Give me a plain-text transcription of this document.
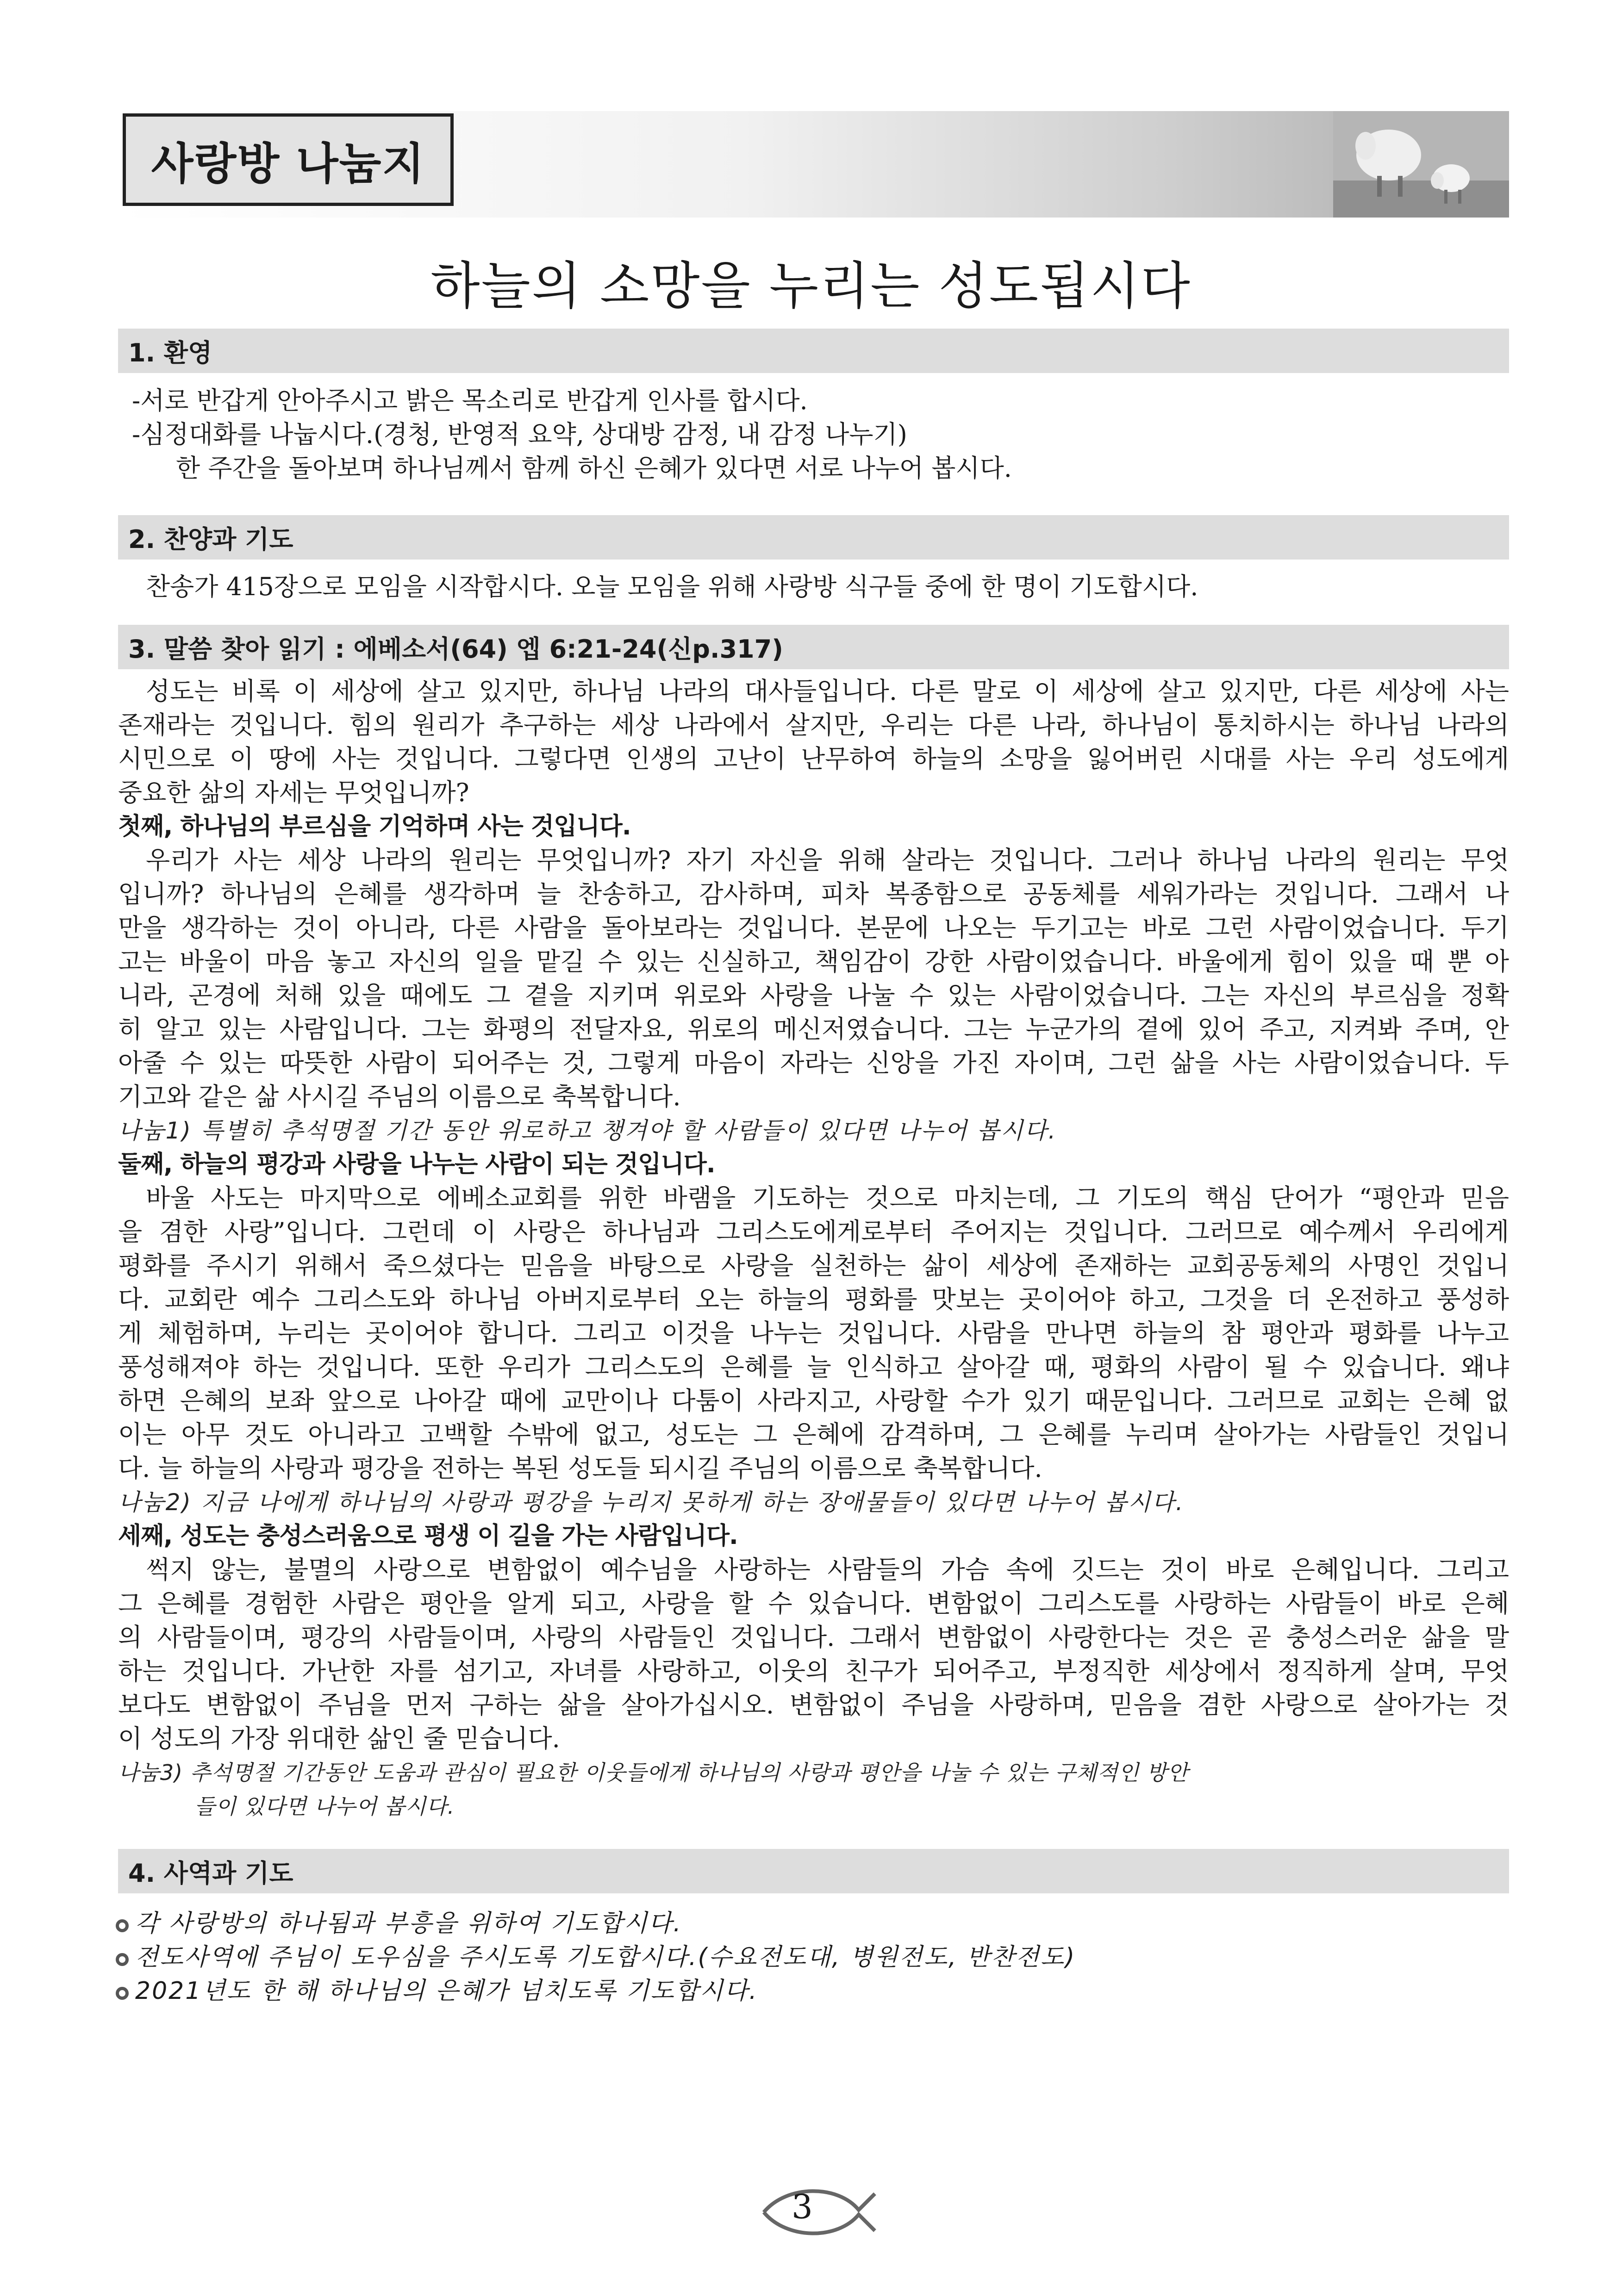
사랑방 나눔지
하늘의 소망을 누리는 성도됩시다
1. 환영
-서로 반갑게 안아주시고 밝은 목소리로 반갑게 인사를 합시다.
-심정대화를 나눕시다.(경청, 반영적 요약, 상대방 감정, 내 감정 나누기)
한 주간을 돌아보며 하나님께서 함께 하신 은혜가 있다면 서로 나누어 봅시다.
2. 찬양과 기도
찬송가 415장으로 모임을 시작합시다. 오늘 모임을 위해 사랑방 식구들 중에 한 명이 기도합시다.
3. 말씀 찾아 읽기 : 에베소서(64) 엡 6:21-24(신p.317)
성도는 비록 이 세상에 살고 있지만, 하나님 나라의 대사들입니다. 다른 말로 이 세상에 살고 있지만, 다른 세상에 사는
존재라는 것입니다. 힘의 원리가 추구하는 세상 나라에서 살지만, 우리는 다른 나라, 하나님이 통치하시는 하나님 나라의
시민으로 이 땅에 사는 것입니다. 그렇다면 인생의 고난이 난무하여 하늘의 소망을 잃어버린 시대를 사는 우리 성도에게
중요한 삶의 자세는 무엇입니까?
첫째, 하나님의 부르심을 기억하며 사는 것입니다.
우리가 사는 세상 나라의 원리는 무엇입니까? 자기 자신을 위해 살라는 것입니다. 그러나 하나님 나라의 원리는 무엇
입니까? 하나님의 은혜를 생각하며 늘 찬송하고, 감사하며, 피차 복종함으로 공동체를 세워가라는 것입니다. 그래서 나
만을 생각하는 것이 아니라, 다른 사람을 돌아보라는 것입니다. 본문에 나오는 두기고는 바로 그런 사람이었습니다. 두기
고는 바울이 마음 놓고 자신의 일을 맡길 수 있는 신실하고, 책임감이 강한 사람이었습니다. 바울에게 힘이 있을 때 뿐 아
니라, 곤경에 처해 있을 때에도 그 곁을 지키며 위로와 사랑을 나눌 수 있는 사람이었습니다. 그는 자신의 부르심을 정확
히 알고 있는 사람입니다. 그는 화평의 전달자요, 위로의 메신저였습니다. 그는 누군가의 곁에 있어 주고, 지켜봐 주며, 안
아줄 수 있는 따뜻한 사람이 되어주는 것, 그렇게 마음이 자라는 신앙을 가진 자이며, 그런 삶을 사는 사람이었습니다. 두
기고와 같은 삶 사시길 주님의 이름으로 축복합니다.
나눔1) 특별히 추석명절 기간 동안 위로하고 챙겨야 할 사람들이 있다면 나누어 봅시다.
둘째, 하늘의 평강과 사랑을 나누는 사람이 되는 것입니다.
바울 사도는 마지막으로 에베소교회를 위한 바램을 기도하는 것으로 마치는데, 그 기도의 핵심 단어가 “평안과 믿음
을 겸한 사랑”입니다. 그런데 이 사랑은 하나님과 그리스도에게로부터 주어지는 것입니다. 그러므로 예수께서 우리에게
평화를 주시기 위해서 죽으셨다는 믿음을 바탕으로 사랑을 실천하는 삶이 세상에 존재하는 교회공동체의 사명인 것입니
다. 교회란 예수 그리스도와 하나님 아버지로부터 오는 하늘의 평화를 맛보는 곳이어야 하고, 그것을 더 온전하고 풍성하
게 체험하며, 누리는 곳이어야 합니다. 그리고 이것을 나누는 것입니다. 사람을 만나면 하늘의 참 평안과 평화를 나누고
풍성해져야 하는 것입니다. 또한 우리가 그리스도의 은혜를 늘 인식하고 살아갈 때, 평화의 사람이 될 수 있습니다. 왜냐
하면 은혜의 보좌 앞으로 나아갈 때에 교만이나 다툼이 사라지고, 사랑할 수가 있기 때문입니다. 그러므로 교회는 은혜 없
이는 아무 것도 아니라고 고백할 수밖에 없고, 성도는 그 은혜에 감격하며, 그 은혜를 누리며 살아가는 사람들인 것입니
다. 늘 하늘의 사랑과 평강을 전하는 복된 성도들 되시길 주님의 이름으로 축복합니다.
나눔2) 지금 나에게 하나님의 사랑과 평강을 누리지 못하게 하는 장애물들이 있다면 나누어 봅시다.
세째, 성도는 충성스러움으로 평생 이 길을 가는 사람입니다.
썩지 않는, 불멸의 사랑으로 변함없이 예수님을 사랑하는 사람들의 가슴 속에 깃드는 것이 바로 은혜입니다. 그리고
그 은혜를 경험한 사람은 평안을 알게 되고, 사랑을 할 수 있습니다. 변함없이 그리스도를 사랑하는 사람들이 바로 은혜
의 사람들이며, 평강의 사람들이며, 사랑의 사람들인 것입니다. 그래서 변함없이 사랑한다는 것은 곧 충성스러운 삶을 말
하는 것입니다. 가난한 자를 섬기고, 자녀를 사랑하고, 이웃의 친구가 되어주고, 부정직한 세상에서 정직하게 살며, 무엇
보다도 변함없이 주님을 먼저 구하는 삶을 살아가십시오. 변함없이 주님을 사랑하며, 믿음을 겸한 사랑으로 살아가는 것
이 성도의 가장 위대한 삶인 줄 믿습니다.
나눔3) 추석명절 기간동안 도움과 관심이 필요한 이웃들에게 하나님의 사랑과 평안을 나눌 수 있는 구체적인 방안
들이 있다면 나누어 봅시다.
4. 사역과 기도
각 사랑방의 하나됨과 부흥을 위하여 기도합시다.
전도사역에 주님이 도우심을 주시도록 기도합시다.(수요전도대, 병원전도, 반찬전도)
2021년도 한 해 하나님의 은혜가 넘치도록 기도합시다.
3
